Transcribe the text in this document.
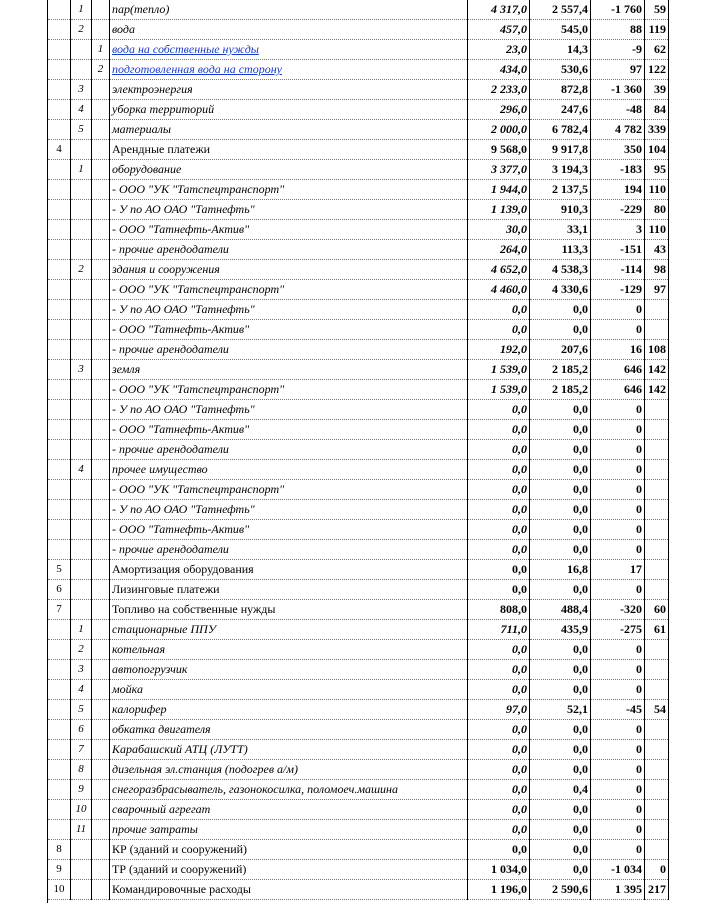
	1		пар(тепло)	4 317,0	2 557,4	-1 760	59
	2		вода	457,0	545,0	88	119
		1	вода на собственные нужды	23,0	14,3	-9	62
		2	подготовленная вода на сторону	434,0	530,6	97	122
	3		электроэнергия	2 233,0	872,8	-1 360	39
	4		уборка территорий	296,0	247,6	-48	84
	5		материалы	2 000,0	6 782,4	4 782	339
4			Арендные платежи	9 568,0	9 917,8	350	104
	1		оборудование	3 377,0	3 194,3	-183	95
			- ООО "УК "Татспецтранспорт"	1 944,0	2 137,5	194	110
			- У по АО ОАО "Татнефть"	1 139,0	910,3	-229	80
			- ООО "Татнефть-Актив"	30,0	33,1	3	110
			- прочие арендодатели	264,0	113,3	-151	43
	2		здания и сооружения	4 652,0	4 538,3	-114	98
			- ООО "УК "Татспецтранспорт"	4 460,0	4 330,6	-129	97
			- У по АО ОАО "Татнефть"	0,0	0,0	0	
			- ООО "Татнефть-Актив"	0,0	0,0	0	
			- прочие арендодатели	192,0	207,6	16	108
	3		земля	1 539,0	2 185,2	646	142
			- ООО "УК "Татспецтранспорт"	1 539,0	2 185,2	646	142
			- У по АО ОАО "Татнефть"	0,0	0,0	0	
			- ООО "Татнефть-Актив"	0,0	0,0	0	
			- прочие арендодатели	0,0	0,0	0	
	4		прочее имущество	0,0	0,0	0	
			- ООО "УК "Татспецтранспорт"	0,0	0,0	0	
			- У по АО ОАО "Татнефть"	0,0	0,0	0	
			- ООО "Татнефть-Актив"	0,0	0,0	0	
			- прочие арендодатели	0,0	0,0	0	
5			Амортизация оборудования	0,0	16,8	17	
6			Лизинговые платежи	0,0	0,0	0	
7			Топливо на собственные нужды	808,0	488,4	-320	60
	1		стационарные ППУ	711,0	435,9	-275	61
	2		котельная	0,0	0,0	0	
	3		автопогрузчик	0,0	0,0	0	
	4		мойка	0,0	0,0	0	
	5		калорифер	97,0	52,1	-45	54
	6		обкатка двигателя	0,0	0,0	0	
	7		Карабашский АТЦ (ЛУТТ)	0,0	0,0	0	
	8		дизельная эл.станция (подогрев а/м)	0,0	0,0	0	
	9		снегоразбрасыватель, газонокосилка, поломоеч.машина	0,0	0,4	0	
	10		сварочный агрегат	0,0	0,0	0	
	11		прочие затраты	0,0	0,0	0	
8			КР (зданий и сооружений)	0,0	0,0	0	
9			ТР (зданий и сооружений)	1 034,0	0,0	-1 034	0
10			Командировочные расходы	1 196,0	2 590,6	1 395	217
